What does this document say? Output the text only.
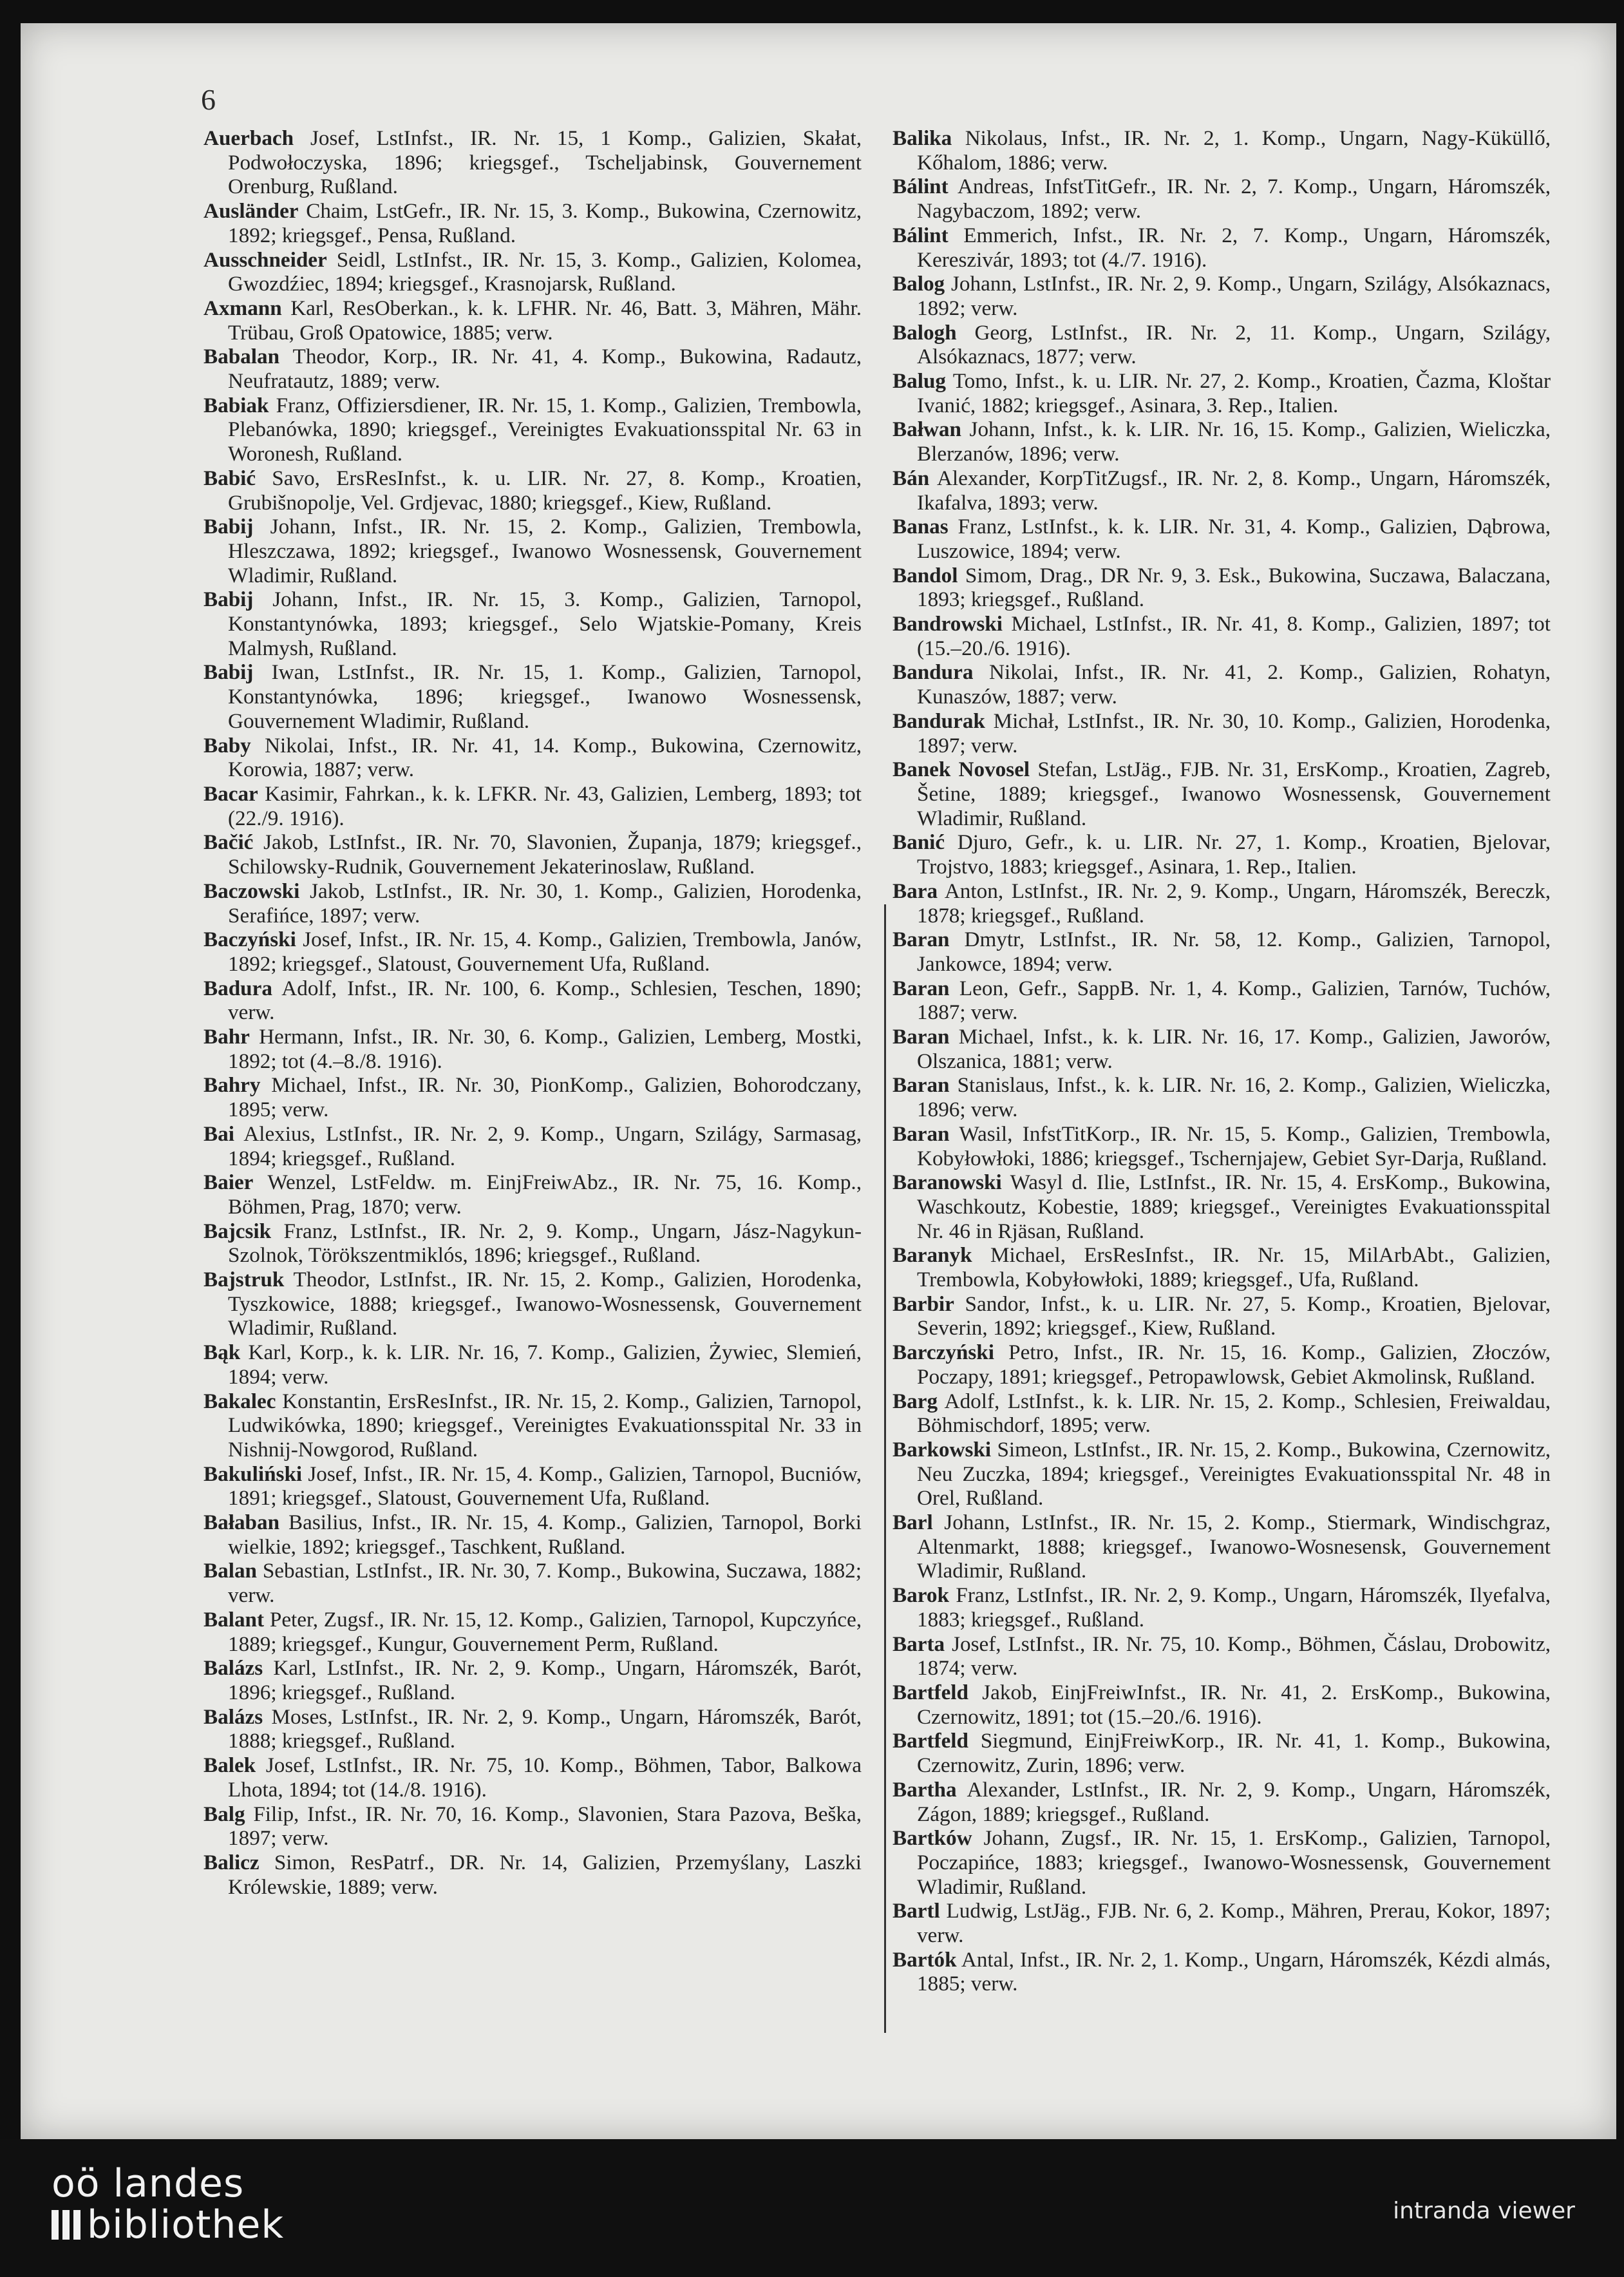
6
Auerbach Josef, LstInfst., IR. Nr. 15, 1 Komp., Galizien, Skałat, Podwołoczyska, 1896; kriegsgef., Tscheljabinsk, Gouvernement Orenburg, Rußland.
Ausländer Chaim, LstGefr., IR. Nr. 15, 3. Komp., Bukowina, Czernowitz, 1892; kriegsgef., Pensa, Rußland.
Ausschneider Seidl, LstInfst., IR. Nr. 15, 3. Komp., Galizien, Kolomea, Gwozdźiec, 1894; kriegsgef., Krasnojarsk, Rußland.
Axmann Karl, ResOberkan., k. k. LFHR. Nr. 46, Batt. 3, Mähren, Mähr. Trübau, Groß Opatowice, 1885; verw.
Babalan Theodor, Korp., IR. Nr. 41, 4. Komp., Bukowina, Radautz, Neufratautz, 1889; verw.
Babiak Franz, Offiziersdiener, IR. Nr. 15, 1. Komp., Galizien, Trembowla, Plebanówka, 1890; kriegsgef., Vereinigtes Evakuationsspital Nr. 63 in Woronesh, Rußland.
Babić Savo, ErsResInfst., k. u. LIR. Nr. 27, 8. Komp., Kroatien, Grubišnopolje, Vel. Grdjevac, 1880; kriegsgef., Kiew, Rußland.
Babij Johann, Infst., IR. Nr. 15, 2. Komp., Galizien, Trembowla, Hleszczawa, 1892; kriegsgef., Iwanowo Wosnessensk, Gouvernement Wladimir, Rußland.
Babij Johann, Infst., IR. Nr. 15, 3. Komp., Galizien, Tarnopol, Konstantynówka, 1893; kriegsgef., Selo Wjatskie-Pomany, Kreis Malmysh, Rußland.
Babij Iwan, LstInfst., IR. Nr. 15, 1. Komp., Galizien, Tarnopol, Konstantynówka, 1896; kriegsgef., Iwanowo Wosnessensk, Gouvernement Wladimir, Rußland.
Baby Nikolai, Infst., IR. Nr. 41, 14. Komp., Bukowina, Czernowitz, Korowia, 1887; verw.
Bacar Kasimir, Fahrkan., k. k. LFKR. Nr. 43, Galizien, Lemberg, 1893; tot (22./9. 1916).
Bačić Jakob, LstInfst., IR. Nr. 70, Slavonien, Županja, 1879; kriegsgef., Schilowsky-Rudnik, Gouvernement Jekaterinoslaw, Rußland.
Baczowski Jakob, LstInfst., IR. Nr. 30, 1. Komp., Galizien, Horodenka, Serafińce, 1897; verw.
Baczyński Josef, Infst., IR. Nr. 15, 4. Komp., Galizien, Trembowla, Janów, 1892; kriegsgef., Slatoust, Gouvernement Ufa, Rußland.
Badura Adolf, Infst., IR. Nr. 100, 6. Komp., Schlesien, Teschen, 1890; verw.
Bahr Hermann, Infst., IR. Nr. 30, 6. Komp., Galizien, Lemberg, Mostki, 1892; tot (4.–8./8. 1916).
Bahry Michael, Infst., IR. Nr. 30, PionKomp., Galizien, Bohorodczany, 1895; verw.
Bai Alexius, LstInfst., IR. Nr. 2, 9. Komp., Ungarn, Szilágy, Sarmasag, 1894; kriegsgef., Rußland.
Baier Wenzel, LstFeldw. m. EinjFreiwAbz., IR. Nr. 75, 16. Komp., Böhmen, Prag, 1870; verw.
Bajcsik Franz, LstInfst., IR. Nr. 2, 9. Komp., Ungarn, Jász-Nagykun-Szolnok, Törökszentmiklós, 1896; kriegsgef., Rußland.
Bajstruk Theodor, LstInfst., IR. Nr. 15, 2. Komp., Galizien, Horodenka, Tyszkowice, 1888; kriegsgef., Iwanowo-Wosnessensk, Gouvernement Wladimir, Rußland.
Bąk Karl, Korp., k. k. LIR. Nr. 16, 7. Komp., Galizien, Żywiec, Slemień, 1894; verw.
Bakalec Konstantin, ErsResInfst., IR. Nr. 15, 2. Komp., Galizien, Tarnopol, Ludwikówka, 1890; kriegsgef., Vereinigtes Evakuationsspital Nr. 33 in Nishnij-Nowgorod, Rußland.
Bakuliński Josef, Infst., IR. Nr. 15, 4. Komp., Galizien, Tarnopol, Bucniów, 1891; kriegsgef., Slatoust, Gouvernement Ufa, Rußland.
Bałaban Basilius, Infst., IR. Nr. 15, 4. Komp., Galizien, Tarnopol, Borki wielkie, 1892; kriegsgef., Taschkent, Rußland.
Balan Sebastian, LstInfst., IR. Nr. 30, 7. Komp., Bukowina, Suczawa, 1882; verw.
Balant Peter, Zugsf., IR. Nr. 15, 12. Komp., Galizien, Tarnopol, Kupczyńce, 1889; kriegsgef., Kungur, Gouvernement Perm, Rußland.
Balázs Karl, LstInfst., IR. Nr. 2, 9. Komp., Ungarn, Háromszék, Barót, 1896; kriegsgef., Rußland.
Balázs Moses, LstInfst., IR. Nr. 2, 9. Komp., Ungarn, Háromszék, Barót, 1888; kriegsgef., Rußland.
Balek Josef, LstInfst., IR. Nr. 75, 10. Komp., Böhmen, Tabor, Balkowa Lhota, 1894; tot (14./8. 1916).
Balg Filip, Infst., IR. Nr. 70, 16. Komp., Slavonien, Stara Pazova, Beška, 1897; verw.
Balicz Simon, ResPatrf., DR. Nr. 14, Galizien, Przemyślany, Laszki Królewskie, 1889; verw.
Balika Nikolaus, Infst., IR. Nr. 2, 1. Komp., Ungarn, Nagy-Küküllő, Kőhalom, 1886; verw.
Bálint Andreas, InfstTitGefr., IR. Nr. 2, 7. Komp., Ungarn, Háromszék, Nagybaczom, 1892; verw.
Bálint Emmerich, Infst., IR. Nr. 2, 7. Komp., Ungarn, Háromszék, Kereszivár, 1893; tot (4./7. 1916).
Balog Johann, LstInfst., IR. Nr. 2, 9. Komp., Ungarn, Szilágy, Alsókaznacs, 1892; verw.
Balogh Georg, LstInfst., IR. Nr. 2, 11. Komp., Ungarn, Szilágy, Alsókaznacs, 1877; verw.
Balug Tomo, Infst., k. u. LIR. Nr. 27, 2. Komp., Kroatien, Čazma, Kloštar Ivanić, 1882; kriegsgef., Asinara, 3. Rep., Italien.
Bałwan Johann, Infst., k. k. LIR. Nr. 16, 15. Komp., Galizien, Wieliczka, Blerzanów, 1896; verw.
Bán Alexander, KorpTitZugsf., IR. Nr. 2, 8. Komp., Ungarn, Háromszék, Ikafalva, 1893; verw.
Banas Franz, LstInfst., k. k. LIR. Nr. 31, 4. Komp., Galizien, Dąbrowa, Luszowice, 1894; verw.
Bandol Simom, Drag., DR Nr. 9, 3. Esk., Bukowina, Suczawa, Balaczana, 1893; kriegsgef., Rußland.
Bandrowski Michael, LstInfst., IR. Nr. 41, 8. Komp., Galizien, 1897; tot (15.–20./6. 1916).
Bandura Nikolai, Infst., IR. Nr. 41, 2. Komp., Galizien, Rohatyn, Kunaszów, 1887; verw.
Bandurak Michał, LstInfst., IR. Nr. 30, 10. Komp., Galizien, Horodenka, 1897; verw.
Banek Novosel Stefan, LstJäg., FJB. Nr. 31, ErsKomp., Kroatien, Zagreb, Šetine, 1889; kriegsgef., Iwanowo Wosnessensk, Gouvernement Wladimir, Rußland.
Banić Djuro, Gefr., k. u. LIR. Nr. 27, 1. Komp., Kroatien, Bjelovar, Trojstvo, 1883; kriegsgef., Asinara, 1. Rep., Italien.
Bara Anton, LstInfst., IR. Nr. 2, 9. Komp., Ungarn, Háromszék, Bereczk, 1878; kriegsgef., Rußland.
Baran Dmytr, LstInfst., IR. Nr. 58, 12. Komp., Galizien, Tarnopol, Jankowce, 1894; verw.
Baran Leon, Gefr., SappB. Nr. 1, 4. Komp., Galizien, Tarnów, Tuchów, 1887; verw.
Baran Michael, Infst., k. k. LIR. Nr. 16, 17. Komp., Galizien, Jaworów, Olszanica, 1881; verw.
Baran Stanislaus, Infst., k. k. LIR. Nr. 16, 2. Komp., Galizien, Wieliczka, 1896; verw.
Baran Wasil, InfstTitKorp., IR. Nr. 15, 5. Komp., Galizien, Trembowla, Kobyłowłoki, 1886; kriegsgef., Tschernjajew, Gebiet Syr-Darja, Rußland.
Baranowski Wasyl d. Ilie, LstInfst., IR. Nr. 15, 4. ErsKomp., Bukowina, Waschkoutz, Kobestie, 1889; kriegsgef., Vereinigtes Evakuationsspital Nr. 46 in Rjäsan, Rußland.
Baranyk Michael, ErsResInfst., IR. Nr. 15, MilArbAbt., Galizien, Trembowla, Kobyłowłoki, 1889; kriegsgef., Ufa, Rußland.
Barbir Sandor, Infst., k. u. LIR. Nr. 27, 5. Komp., Kroatien, Bjelovar, Severin, 1892; kriegsgef., Kiew, Rußland.
Barczyński Petro, Infst., IR. Nr. 15, 16. Komp., Galizien, Złoczów, Poczapy, 1891; kriegsgef., Petropawlowsk, Gebiet Akmolinsk, Rußland.
Barg Adolf, LstInfst., k. k. LIR. Nr. 15, 2. Komp., Schlesien, Freiwaldau, Böhmischdorf, 1895; verw.
Barkowski Simeon, LstInfst., IR. Nr. 15, 2. Komp., Bukowina, Czernowitz, Neu Zuczka, 1894; kriegsgef., Vereinigtes Evakuationsspital Nr. 48 in Orel, Rußland.
Barl Johann, LstInfst., IR. Nr. 15, 2. Komp., Stiermark, Windischgraz, Altenmarkt, 1888; kriegsgef., Iwanowo-Wosnesensk, Gouvernement Wladimir, Rußland.
Barok Franz, LstInfst., IR. Nr. 2, 9. Komp., Ungarn, Háromszék, Ilyefalva, 1883; kriegsgef., Rußland.
Barta Josef, LstInfst., IR. Nr. 75, 10. Komp., Böhmen, Čáslau, Drobowitz, 1874; verw.
Bartfeld Jakob, EinjFreiwInfst., IR. Nr. 41, 2. ErsKomp., Bukowina, Czernowitz, 1891; tot (15.–20./6. 1916).
Bartfeld Siegmund, EinjFreiwKorp., IR. Nr. 41, 1. Komp., Bukowina, Czernowitz, Zurin, 1896; verw.
Bartha Alexander, LstInfst., IR. Nr. 2, 9. Komp., Ungarn, Háromszék, Zágon, 1889; kriegsgef., Rußland.
Bartków Johann, Zugsf., IR. Nr. 15, 1. ErsKomp., Galizien, Tarnopol, Poczapińce, 1883; kriegsgef., Iwanowo-Wosnessensk, Gouvernement Wladimir, Rußland.
Bartl Ludwig, LstJäg., FJB. Nr. 6, 2. Komp., Mähren, Prerau, Kokor, 1897; verw.
Bartók Antal, Infst., IR. Nr. 2, 1. Komp., Ungarn, Háromszék, Kézdi almás, 1885; verw.
oö landes
bibliothek	intranda viewer
